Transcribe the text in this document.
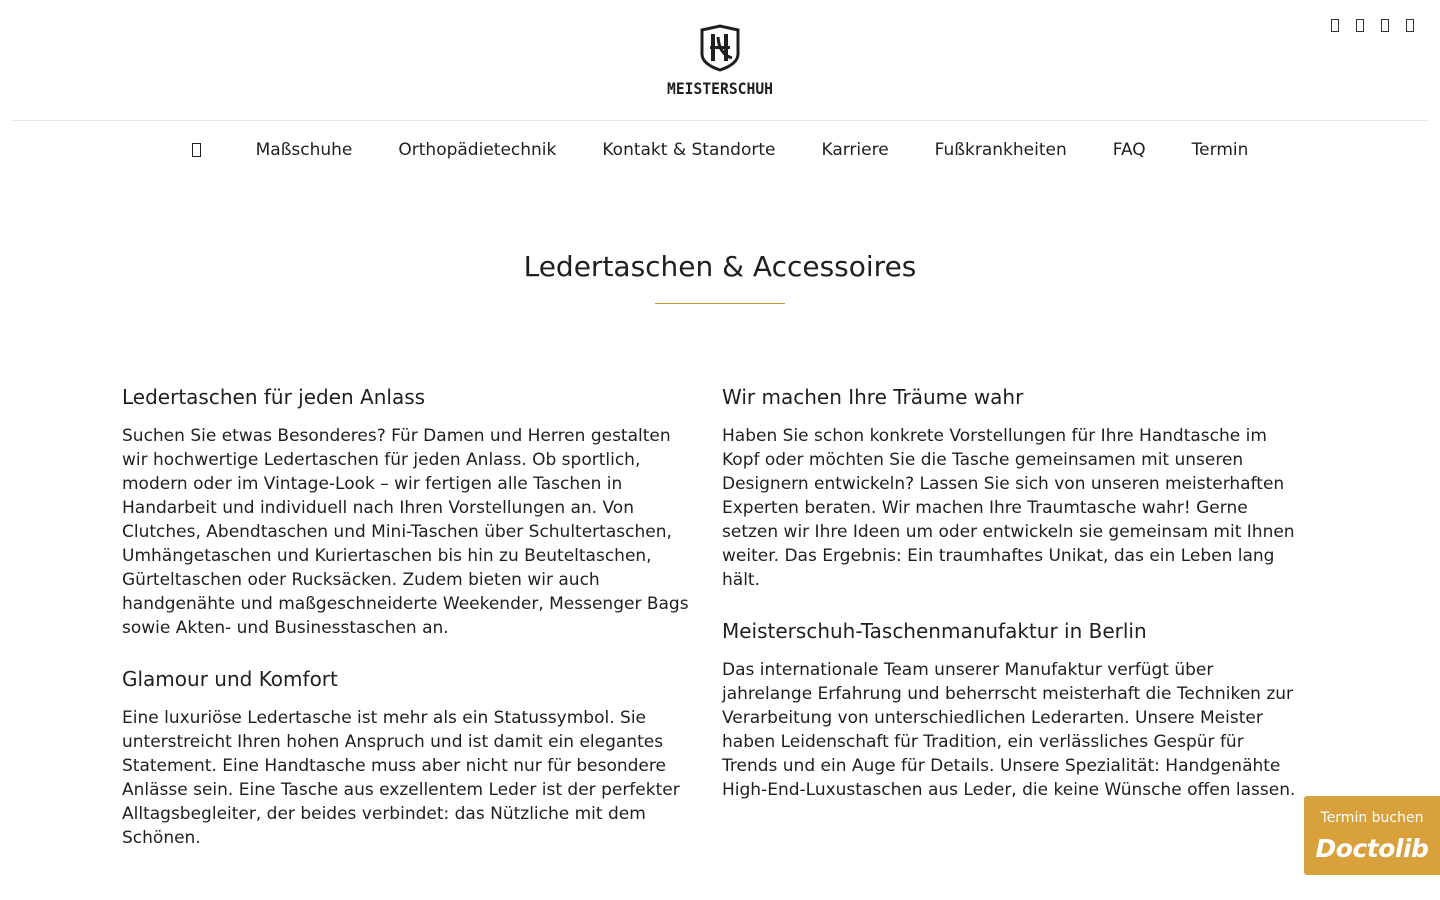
MEISTERSCHUH
Maßschuhe	Orthopädietechnik	Kontakt & Standorte	Karriere	Fußkrankheiten	FAQ	Termin
Ledertaschen & Accessoires
Ledertaschen für jeden Anlass

Suchen Sie etwas Besonderes? Für Damen und Herren gestalten wir hochwertige Ledertaschen für jeden Anlass. Ob sportlich, modern oder im Vintage-Look – wir fertigen alle Taschen in Handarbeit und individuell nach Ihren Vorstellungen an. Von Clutches, Abendtaschen und Mini-Taschen über Schultertaschen, Umhängetaschen und Kuriertaschen bis hin zu Beuteltaschen, Gürteltaschen oder Rucksäcken. Zudem bieten wir auch handgenähte und maßgeschneiderte Weekender, Messenger Bags sowie Akten- und Businesstaschen an.

Glamour und Komfort

Eine luxuriöse Ledertasche ist mehr als ein Statussymbol. Sie unterstreicht Ihren hohen Anspruch und ist damit ein elegantes Statement. Eine Handtasche muss aber nicht nur für besondere Anlässe sein. Eine Tasche aus exzellentem Leder ist der perfekter Alltagsbegleiter, der beides verbindet: das Nützliche mit dem Schönen.

Wir machen Ihre Träume wahr

Haben Sie schon konkrete Vorstellungen für Ihre Handtasche im Kopf oder möchten Sie die Tasche gemeinsamen mit unseren Designern entwickeln? Lassen Sie sich von unseren meisterhaften Experten beraten. Wir machen Ihre Traumtasche wahr! Gerne setzen wir Ihre Ideen um oder entwickeln sie gemeinsam mit Ihnen weiter. Das Ergebnis: Ein traumhaftes Unikat, das ein Leben lang hält.

Meisterschuh-Taschenmanufaktur in Berlin

Das internationale Team unserer Manufaktur verfügt über jahrelange Erfahrung und beherrscht meisterhaft die Techniken zur Verarbeitung von unterschiedlichen Lederarten. Unsere Meister haben Leidenschaft für Tradition, ein verlässliches Gespür für Trends und ein Auge für Details. Unsere Spezialität: Handgenähte High-End-Luxustaschen aus Leder, die keine Wünsche offen lassen.

Termin buchen
Doctolib
